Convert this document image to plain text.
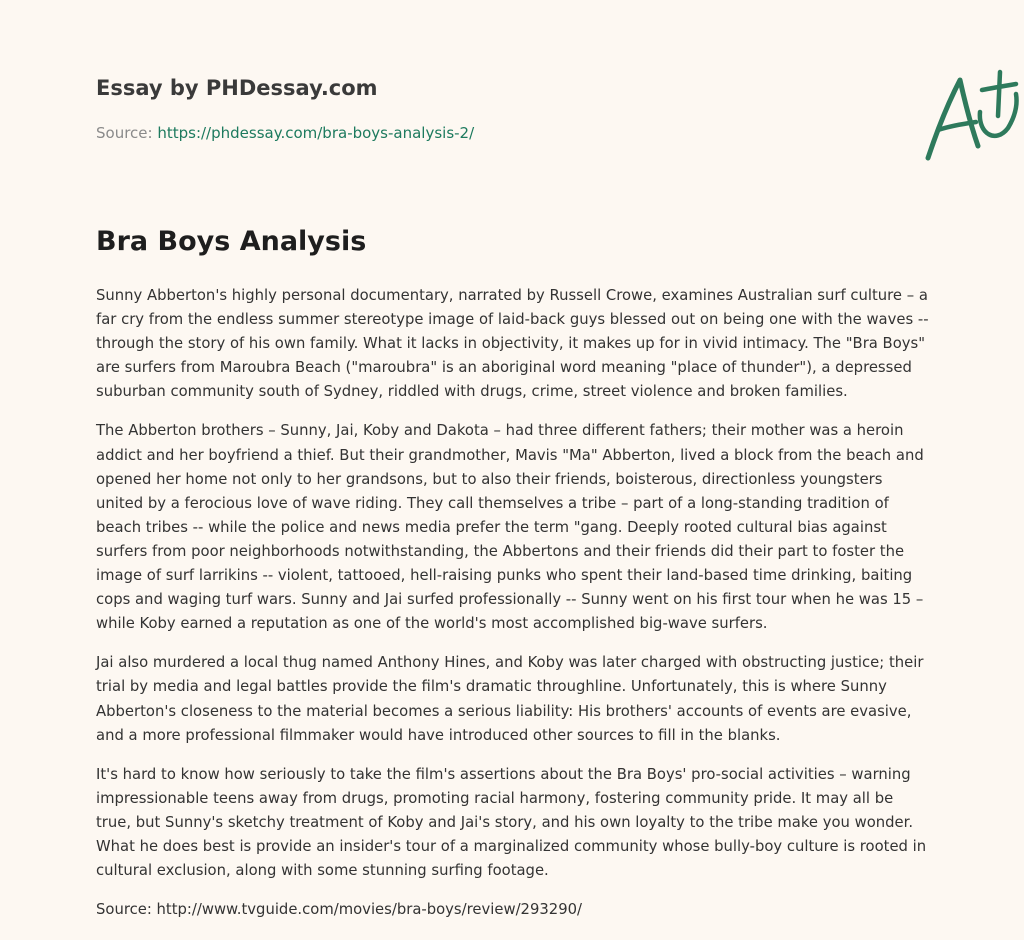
Essay by PHDessay.com
Source: https://phdessay.com/bra-boys-analysis-2/
Bra Boys Analysis

Sunny Abberton's highly personal documentary, narrated by Russell Crowe, examines Australian surf culture – a far cry from the endless summer stereotype image of laid-back guys blessed out on being one with the waves -- through the story of his own family. What it lacks in objectivity, it makes up for in vivid intimacy. The "Bra Boys" are surfers from Maroubra Beach ("maroubra" is an aboriginal word meaning "place of thunder"), a depressed suburban community south of Sydney, riddled with drugs, crime, street violence and broken families.

The Abberton brothers – Sunny, Jai, Koby and Dakota – had three different fathers; their mother was a heroin addict and her boyfriend a thief. But their grandmother, Mavis "Ma" Abberton, lived a block from the beach and opened her home not only to her grandsons, but to also their friends, boisterous, directionless youngsters united by a ferocious love of wave riding. They call themselves a tribe – part of a long-standing tradition of beach tribes -- while the police and news media prefer the term "gang. Deeply rooted cultural bias against surfers from poor neighborhoods notwithstanding, the Abbertons and their friends did their part to foster the image of surf larrikins -- violent, tattooed, hell-raising punks who spent their land-based time drinking, baiting cops and waging turf wars. Sunny and Jai surfed professionally -- Sunny went on his first tour when he was 15 – while Koby earned a reputation as one of the world's most accomplished big-wave surfers.

Jai also murdered a local thug named Anthony Hines, and Koby was later charged with obstructing justice; their trial by media and legal battles provide the film's dramatic throughline. Unfortunately, this is where Sunny Abberton's closeness to the material becomes a serious liability: His brothers' accounts of events are evasive, and a more professional filmmaker would have introduced other sources to fill in the blanks.

It's hard to know how seriously to take the film's assertions about the Bra Boys' pro-social activities – warning impressionable teens away from drugs, promoting racial harmony, fostering community pride. It may all be true, but Sunny's sketchy treatment of Koby and Jai's story, and his own loyalty to the tribe make you wonder. What he does best is provide an insider's tour of a marginalized community whose bully-boy culture is rooted in cultural exclusion, along with some stunning surfing footage.

Source: http://www.tvguide.com/movies/bra-boys/review/293290/
